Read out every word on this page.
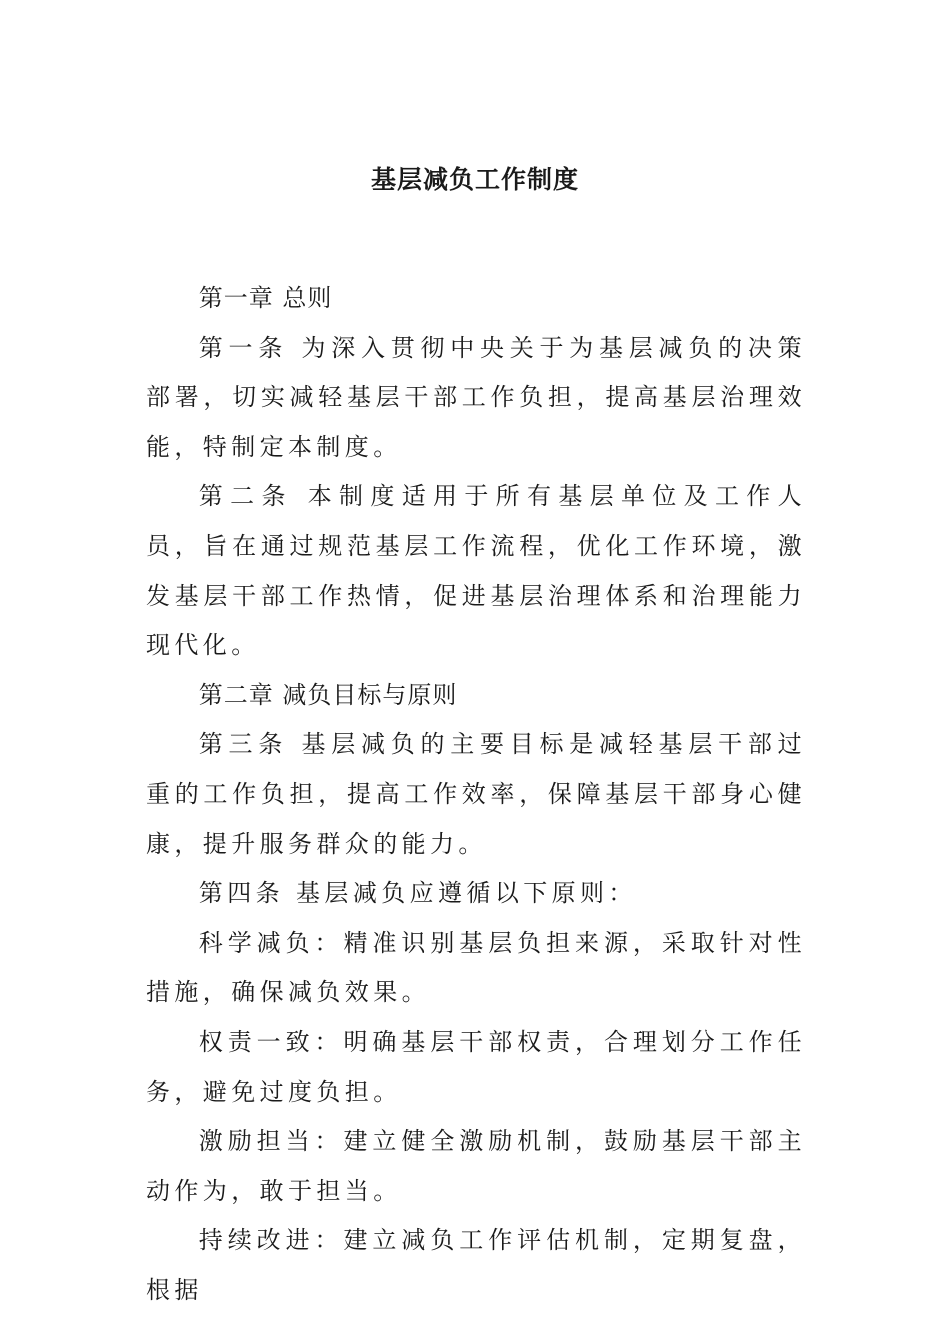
基层减负工作制度

第一章 总则

第一条 为深入贯彻中央关于为基层减负的决策部署，切实减轻基层干部工作负担，提高基层治理效能，特制定本制度。

第二条 本制度适用于所有基层单位及工作人员，旨在通过规范基层工作流程，优化工作环境，激发基层干部工作热情，促进基层治理体系和治理能力现代化。

第二章 减负目标与原则

第三条 基层减负的主要目标是减轻基层干部过重的工作负担，提高工作效率，保障基层干部身心健康，提升服务群众的能力。

第四条 基层减负应遵循以下原则：

科学减负：精准识别基层负担来源，采取针对性措施，确保减负效果。

权责一致：明确基层干部权责，合理划分工作任务，避免过度负担。

激励担当：建立健全激励机制，鼓励基层干部主动作为，敢于担当。

持续改进：建立减负工作评估机制，定期复盘，根据
